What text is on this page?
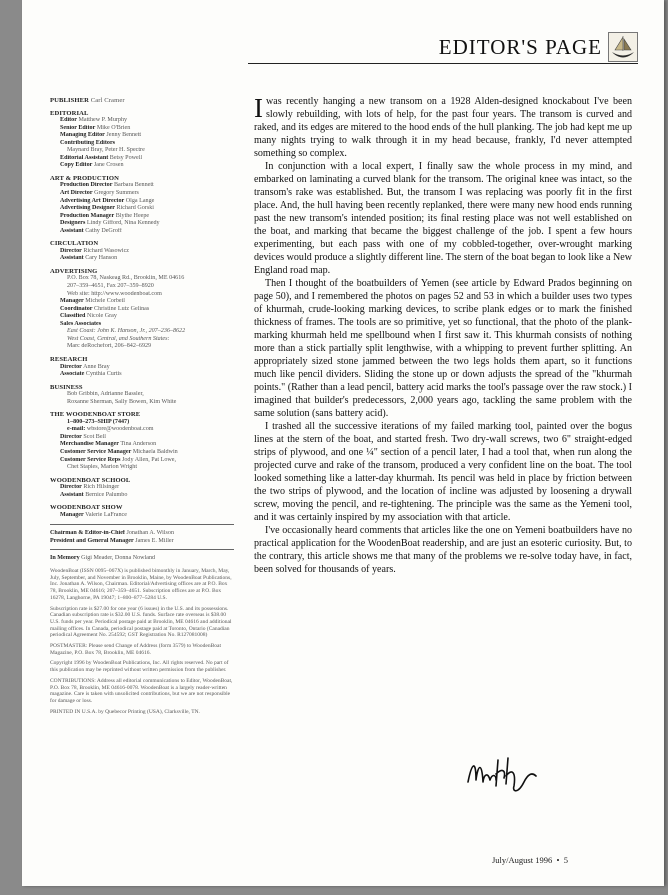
EDITOR'S PAGE
PUBLISHER Carl Cramer
EDITORIAL
Editor Matthew P. Murphy
Senior Editor Mike O'Brien
Managing Editor Jenny Bennett
Contributing Editors
Maynard Bray, Peter H. Spectre
Editorial Assistant Betsy Powell
Copy Editor Jane Crosen
ART & PRODUCTION
Production Director Barbara Bennett
Art Director Gregory Summers
Advertising Art Director Olga Lange
Advertising Designer Richard Gorski
Production Manager Blythe Heepe
Designers Lindy Gifford, Nina Kennedy
Assistant Cathy DeGroff
CIRCULATION
Director Richard Wasowicz
Assistant Cary Hanson
ADVERTISING
P.O. Box 78, Naskeag Rd., Brooklin, ME 04616
207–359–4651, Fax 207–359–8920
Web site: http://www.woodenboat.com
Manager Michele Corbeil
Coordinator Christine Lutz Gelinas
Classified Nicole Gray
Sales Associates
East Coast: John K. Hanson, Jr., 207–236–8622
West Coast, Central, and Southern States:
Marc deRochefort, 206–842–6929
RESEARCH
Director Anne Bray
Associate Cynthia Curtis
BUSINESS
Bob Gribbin, Adrianne Bassler,
Roxanne Sherman, Sally Bowen, Kim White
THE WOODENBOAT STORE
1–800–273–SHIP (7447)
e-mail: wbstore@woodenboat.com
Director Scot Bell
Merchandise Manager Tina Anderson
Customer Service Manager Michaela Baldwin
Customer Service Reps Jody Allen, Pat Lowe,
Chet Staples, Marion Wright
WOODENBOAT SCHOOL
Director Rich Hilsinger
Assistant Bernice Palumbo
WOODENBOAT SHOW
Manager Valerie LaFrance
Chairman & Editor-in-Chief Jonathan A. Wilson
President and General Manager James E. Miller
In Memory Gigi Meader, Donna Nowland
WoodenBoat (ISSN 0095–067X) is published bimonthly in January, March, May, July, September, and November in Brooklin, Maine, by WoodenBoat Publications, Inc. Jonathan A. Wilson, Chairman. Editorial/Advertising offices are at P.O. Box 78, Brooklin, ME 04616; 207–359–4651. Subscription offices are at P.O. Box 16278, Langhorne, PA 19047; 1–800–877–5284 U.S.
Subscription rate is $27.00 for one year (6 issues) in the U.S. and its possessions. Canadian subscription rate is $32.00 U.S. funds. Surface rate overseas is $38.00 U.S. funds per year. Periodical postage paid at Brooklin, ME 04616 and additional mailing offices. In Canada, periodical postage paid at Toronto, Ontario (Canadian periodical Agreement No. 254592; GST Registration No. R127081008)
POSTMASTER: Please send Change of Address (form 3579) to WoodenBoat Magazine, P.O. Box 78, Brooklin, ME 04616.
Copyright 1996 by WoodenBoat Publications, Inc. All rights reserved. No part of this publication may be reprinted without written permission from the publisher.
CONTRIBUTIONS: Address all editorial communications to Editor, WoodenBoat, P.O. Box 78, Brooklin, ME 04616-0078. WoodenBoat is a largely reader-written magazine. Care is taken with unsolicited contributions, but we are not responsible for damage or loss.
PRINTED IN U.S.A. by Quebecor Printing (USA), Clarksville, TN.
I was recently hanging a new transom on a 1928 Alden-designed knockabout I've been slowly rebuilding, with lots of help, for the past four years. The transom is curved and raked, and its edges are mitered to the hood ends of the hull planking. The job had kept me up many nights trying to walk through it in my head because, frankly, I'd never attempted something so complex.

In conjunction with a local expert, I finally saw the whole process in my mind, and embarked on laminating a curved blank for the transom. The original knee was intact, so the transom's rake was established. But, the transom I was replacing was poorly fit in the first place. And, the hull having been recently replanked, there were many new hood ends running past the new transom's intended position; its final resting place was not well established on the boat, and marking that became the biggest challenge of the job. I spent a few hours experimenting, but each pass with one of my cobbled-together, over-wrought marking devices would produce a slightly different line. The stern of the boat began to look like a New England road map.

Then I thought of the boatbuilders of Yemen (see article by Edward Prados beginning on page 50), and I remembered the photos on pages 52 and 53 in which a builder uses two types of khurmah, crude-looking marking devices, to scribe plank edges or to mark the finished thickness of frames. The tools are so primitive, yet so functional, that the photo of the plank-marking khurmah held me spellbound when I first saw it. This khurmah consists of nothing more than a stick partially split lengthwise, with a whipping to prevent further splitting. An appropriately sized stone jammed between the two legs holds them apart, so it functions much like pencil dividers. Sliding the stone up or down adjusts the spread of the "khurmah points." (Rather than a lead pencil, battery acid marks the tool's passage over the raw stock.) I imagined that builder's predecessors, 2,000 years ago, tackling the same problem with the same solution (sans battery acid).

I trashed all the successive iterations of my failed marking tool, painted over the bogus lines at the stern of the boat, and started fresh. Two dry-wall screws, two 6" straight-edged strips of plywood, and one ¼" section of a pencil later, I had a tool that, when run along the projected curve and rake of the transom, produced a very confident line on the boat. The tool looked something like a latter-day khurmah. Its pencil was held in place by friction between the two strips of plywood, and the location of incline was adjusted by loosening a drywall screw, moving the pencil, and re-tightening. The principle was the same as the Yemeni tool, and it was certainly inspired by my association with that article.

I've occasionally heard comments that articles like the one on Yemeni boatbuilders have no practical application for the WoodenBoat readership, and are just an esoteric curiosity. But, to the contrary, this article shows me that many of the problems we re-solve today have, in fact, been solved for thousands of years.

July/August 1996 • 5
